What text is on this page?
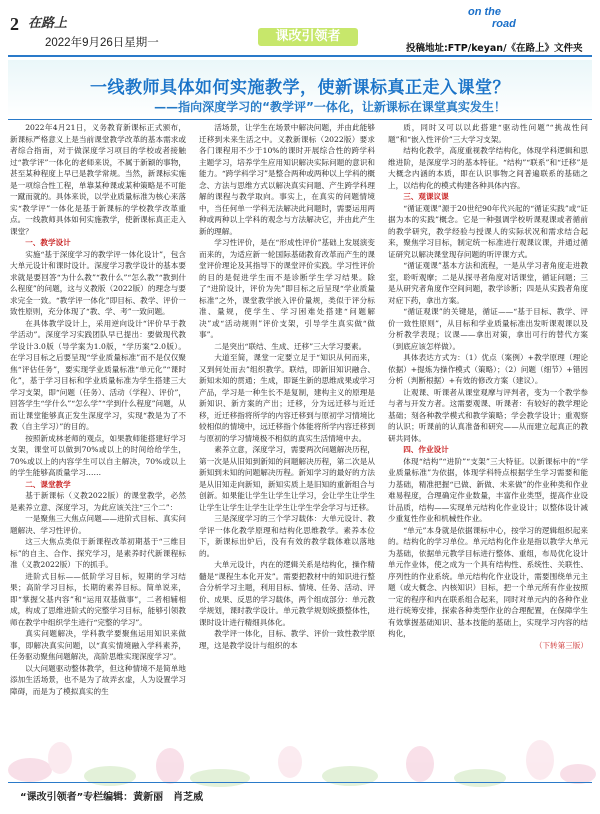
2 在路上
2022年9月26日星期一	课改引领者
on the
road
投稿地址:FTP/keyan/《在路上》文件夹
一线教师具体如何实施教学，使新课标真正走入课堂？
——指向深度学习的“教学评”一体化，让新课标在课堂真实发生！

2022年4月21日，义务教育新课标正式颁布，新课标严格意义上是当前课堂教学改革的基本需求或者综合指南，对于做深度学习项目的学校或者接触过“教学评”一体化的老师来说，不属于新颖的事物，甚至某种程度上早已是教学常规。当然，新课标实施是一项综合性工程，单靠某种课或某种策略是不可能一蹴而就的。具体来说，以学业质量标准为核心来落实“教学评”一体化是基于新课标的学校教学改革重点。一线教师具体如何实施教学，使新课标真正走入课堂？

一、教学设计

实施“基于深度学习的教学评一体化设计”，包含大单元设计和课时设计。深度学习教学设计的基本要求就是要回答“为什么教”“教什么”“怎么教”“教到什么程度”的问题，这与义教版（2022版）的理念与要求完全一致。“教学评一体化”即目标、教学、评价一致性原则，充分体现了“教、学、考”一致问题。

在具体教学设计上，采用逆向设计“评价早于教学活动”。深度学习实践团队早已提出：要做现代教学设计3.0版（导学案为1.0版，“学历案”2.0版）。在学习目标之后要呈现“学业质量标准”而不是仅仅聚焦“评估任务”，要实现学业质量标准“单元化”“课时化”，基于学习目标和学业质量标准为学生搭建三大学习支架，即“问题（任务）、活动（学程）、评价”，回答学生“学什么”“怎么学”“学到什么程度”问题，从而让课堂能够真正发生深度学习，实现“教是为了不教（自主学习）”的目的。

按照新成林老师的观点，如果教师能搭建好学习支架，课堂可以做到70%或以上的时间给给学生，70%或以上的内容学生可以自主解决，70%或以上的学生能够高质量学习……

二、课堂教学

基于新课标（义教2022版）的课堂教学，必然是素养立意、深度学习，为此应该关注“三个二”：

一是聚焦三大焦点问题——进阶式目标、真实问题解决、学习性评价。

这三大焦点类似于新课程改革初期基于“三维目标”的自主、合作、探究学习，是素养时代新课程标准（义教2022版）下的抓手。

进阶式目标——低阶学习目标，短期的学习结果；高阶学习目标，长期的素养目标。简单说来，即“掌握父基内容”和“运用双基做事”，二者相辅相成，构成了思维进阶式的完整学习目标，能够引领教师在教学中组织学生进行“完整的学习”。

真实问题解决，学科教学要聚焦运用知识来做事，即解决真实问题，以“真实情境融入学科素养，任务驱动聚焦问题解决，高阶思维实现深度学习”。

以大问题驱动整体教学，但这种情境不是简单地添加生活场景，也不是为了故弄玄虚，人为设置学习障碍，而是为了模拟真实的生

活场景，让学生在场景中解决问题，并由此能够迁移到未来生活之中。义教新课标（2022版）要求各门课程用不少于10%的课时开展综合性的跨学科主题学习，培养学生应用知识解决实际问题的意识和能力。“跨学科学习”是整合两种或两种以上学科的概念、方法与思维方式以解决真实问题、产生跨学科理解的课程与教学取向。事实上，在真实的问题情境中，当任何单一学科无法解决此问题时，需要运用两种或两种以上学科的观念与方法解决它，并由此产生新的理解。

学习性评价，是在“形成性评价”基础上发展演变而来的，为适应新一轮国际基础教育改革而产生的课堂评价理论及其指导下的课堂评价实践。学习性评价的目的是促进学生而不是诊断学生学习结果。除了“进阶设计，评价为先”即目标之后呈现“学业质量标准”之外，课堂教学嵌入评价量规，类似于评分标准、量规，使学生、学习困难处搭建“问题解决”或“活动规则”评价支架，引导学生真实做“做事”。

二是突出“联结、生成、迁移”三大学习要素。

大道至简，课堂一定要立足于“知识从何而来，又到何处而去”组织教学。联结，即新旧知识融合、新知未知的贯通；生成，即诞生新的思维成果或学习产品，学习是一种生长不是复制，建构主义的原理是新知识、新方案的产出；迁移，分为远迁移与近迁移，近迁移指将所学的内容迁移到与原初学习情境比较相似的情境中，远迁移指个体能将所学内容迁移到与原初的学习情境极不相似的真实生活情境中去。

素养立意，深度学习，需要两次问题解决历程，第一次是从旧知到新知的问题解决历程，第二次是从新知到未知的问题解决历程。新知学习的最好的方法是从旧知走向新知，新知实质上是旧知的重新组合与创新。如果能让学生让学生让学习，会让学生让学生让学生让学生让学生让学生让学生学会学习与迁移。

三是深度学习的三个学习载体：大单元设计、教学评一体化教学原理和结构化思维教学。素养本位下，新课标出炉后，没有有效的教学载体难以落地的。

大单元设计，内在的逻辑关系是结构化，操作精髓是“课程生本化开发”。需要把教材中的知识进行整合分析学习主题，利用目标、情境、任务、活动、评价、成果、反思的学习载体，两个组成部分：单元教学规划，课时教学设计。单元教学规划统摄整体性，课时设计进行精细具体化。

教学评一体化，目标、教学、评价一致性教学原理，这是教学设计与组织的本

质，同时又可以以此搭建“驱动性问题”“挑战性问题”和“嵌入性评价”三大学习支架。

结构化教学，高度重视教学结构化，体现学科逻辑和思维进阶，是深度学习的基本特征。“结构”“联系”和“迁移”是大概念内涵的本质，即在认识事物之间普遍联系的基础之上，以结构化的模式构建各种具体内容。

三、观课议课

“循证观课”源于20世纪90年代兴起的“循证实践”或“证据为本的实践”概念。它是一种强调学校听课观课或者循前的教学研究，教学经验与授课人的实际状况和需求结合起来，聚焦学习目标，制定统一标准进行观课议课，并通过循证研究以解决课堂现存问题的听评课方式。

“循证观课”基本方法和流程，一是从学习者角度走进教室，聆听观摩；二是从探寻者角度对话课堂，循证问题；三是从研究者角度作空间问题，教学诊断；四是从实践者角度对症下药，拿出方案。

“循证观课”的关键是，循证——“基于目标、教学、评价一致性原则”，从目标和学业质量标准出发听课观课以及分析教学表现；议课——拿出对策，拿出可行的替代方案（到底应该怎样做）。

具体表达方式为：（1）优点（案例）+教学原理（理论依据）+提炼为操作模式（策略）；（2）问题（细节）+错因分析（判断根据）+有效的修改方案（建议）。

让观课、听课者从课堂观摩与评判者，变为一个教学参与者与开发方者。这需要观课、听课者：有较好的教学理论基础；刻各种教学模式和教学策略；学会教学设计；重观察的认识；听课前的认真准备和研究——从而建立起真正的教研共同体。

四、作业设计

体现“结构”“进阶”“支架”三大特征。以新课标中的“学业质量标准”为依据，体现学科特点根据学生学习需要和能力基础，精准把握“已做、新做、未来做”的作业种类和作业难易程度，合理确定作业数量，丰富作业类型，提高作业设计品质，结构——实现单元结构化作业设计；以整体设计减少重复性作业和机械性作业。

“单元”本身就是依据课标中心，按学习的逻辑组织起来的。结构化的学习单位。单元结构化作业是指以教学大单元为基础，依据单元教学目标进行整体、重组，布局优化设计单元作业体，使之成为一个具有结构性、系统性、关联性、序列性的作业系统。单元结构化作业设计，需要围绕单元主题（或大概念、内核知识）目标，把一个单元所有作业按照一定的程序和内在联系组合起来，同时对单元内的各种作业进行统筹安排，探索各种类型作业的合理配置，在保障学生有效掌握基础知识、基本技能的基础上，实现学习内容的结构化，

（下转第三版）

“课改引领者”专栏编辑：黄新丽　肖芝威
